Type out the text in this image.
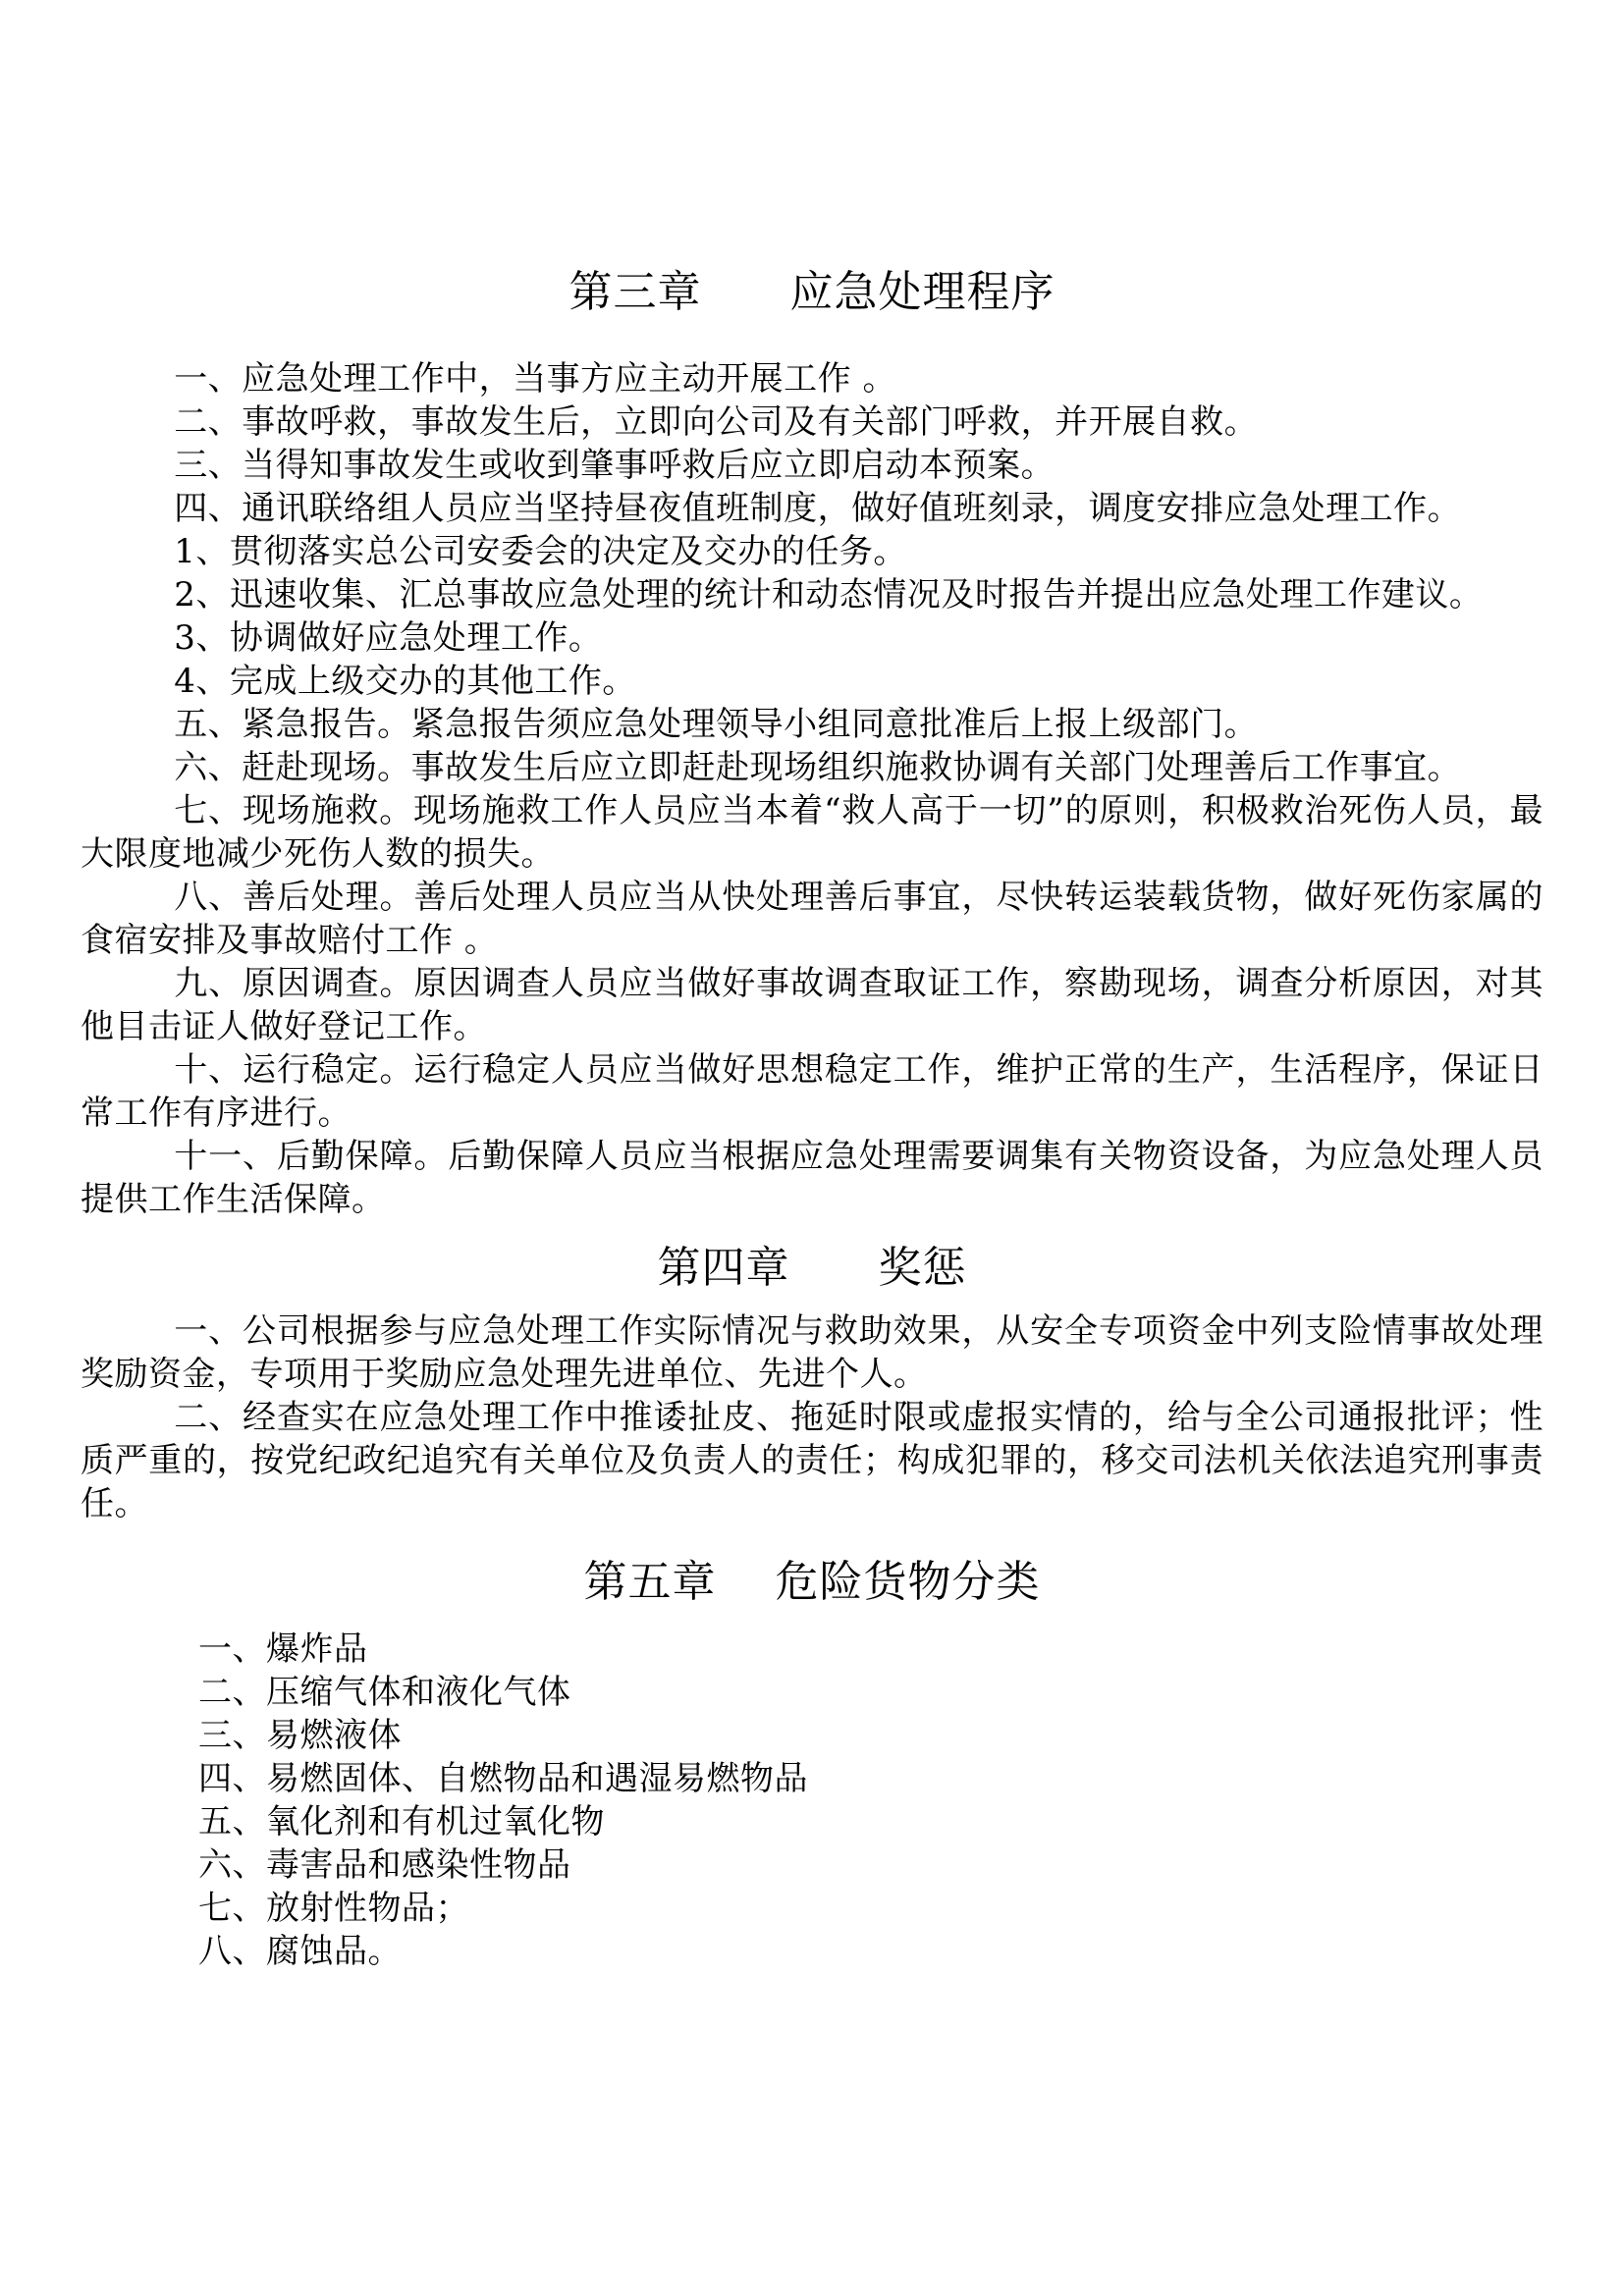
第三章      应急处理程序

一、应急处理工作中，当事方应主动开展工作 。

二、事故呼救，事故发生后，立即向公司及有关部门呼救，并开展自救。

三、当得知事故发生或收到肇事呼救后应立即启动本预案。

四、通讯联络组人员应当坚持昼夜值班制度，做好值班刻录，调度安排应急处理工作。

1、贯彻落实总公司安委会的决定及交办的任务。

2、迅速收集、汇总事故应急处理的统计和动态情况及时报告并提出应急处理工作建议。

3、协调做好应急处理工作。

4、完成上级交办的其他工作。

五、紧急报告。紧急报告须应急处理领导小组同意批准后上报上级部门。

六、赶赴现场。事故发生后应立即赶赴现场组织施救协调有关部门处理善后工作事宜。

七、现场施救。现场施救工作人员应当本着“救人高于一切”的原则，积极救治死伤人员，最大限度地减少死伤人数的损失。

八、善后处理。善后处理人员应当从快处理善后事宜，尽快转运装载货物，做好死伤家属的食宿安排及事故赔付工作 。

九、原因调查。原因调查人员应当做好事故调查取证工作，察勘现场，调查分析原因，对其他目击证人做好登记工作。

十、运行稳定。运行稳定人员应当做好思想稳定工作，维护正常的生产，生活程序，保证日常工作有序进行。

十一、后勤保障。后勤保障人员应当根据应急处理需要调集有关物资设备，为应急处理人员提供工作生活保障。

第四章      奖惩

一、公司根据参与应急处理工作实际情况与救助效果，从安全专项资金中列支险情事故处理奖励资金，专项用于奖励应急处理先进单位、先进个人。

二、经查实在应急处理工作中推诿扯皮、拖延时限或虚报实情的，给与全公司通报批评；性质严重的，按党纪政纪追究有关单位及负责人的责任；构成犯罪的，移交司法机关依法追究刑事责任。

第五章    危险货物分类
一、爆炸品
二、压缩气体和液化气体
三、易燃液体
四、易燃固体、自燃物品和遇湿易燃物品
五、氧化剂和有机过氧化物
六、毒害品和感染性物品
七、放射性物品；
八、腐蚀品。
